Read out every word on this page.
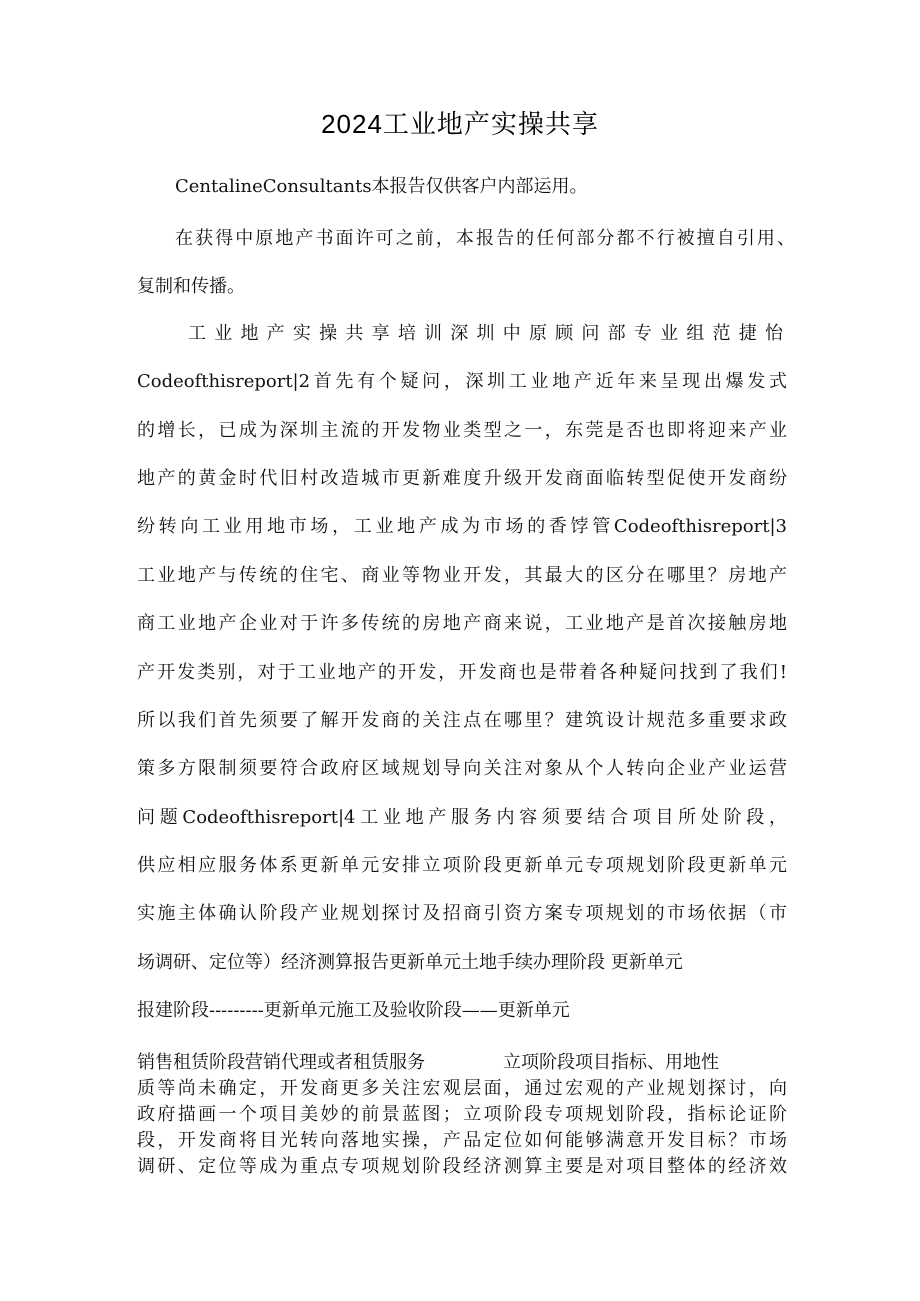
2024工业地产实操共享
CentalineConsultants本报告仅供客户内部运用。
在获得中原地产书面许可之前，本报告的任何部分都不行被擅自引用、
复制和传播。
工业地产实操共享培训深圳中原顾问部专业组范捷怡
Codeofthisreport|2首先有个疑问，深圳工业地产近年来呈现出爆发式
的增长，已成为深圳主流的开发物业类型之一，东莞是否也即将迎来产业
地产的黄金时代旧村改造城市更新难度升级开发商面临转型促使开发商纷
纷转向工业用地市场，工业地产成为市场的香饽管Codeofthisreport|3
工业地产与传统的住宅、商业等物业开发，其最大的区分在哪里？房地产
商工业地产企业对于许多传统的房地产商来说，工业地产是首次接触房地
产开发类别，对于工业地产的开发，开发商也是带着各种疑问找到了我们!
所以我们首先须要了解开发商的关注点在哪里？建筑设计规范多重要求政
策多方限制须要符合政府区域规划导向关注对象从个人转向企业产业运营
问题Codeofthisreport|4工业地产服务内容须要结合项目所处阶段，
供应相应服务体系更新单元安排立项阶段更新单元专项规划阶段更新单元
实施主体确认阶段产业规划探讨及招商引资方案专项规划的市场依据（市
场调研、定位等）经济测算报告更新单元土地手续办理阶段 更新单元
报建阶段---------更新单元施工及验收阶段——更新单元
销售租赁阶段营销代理或者租赁服务	立项阶段项目指标、用地性
质等尚未确定，开发商更多关注宏观层面，通过宏观的产业规划探讨，向
政府描画一个项目美妙的前景蓝图；立项阶段专项规划阶段，指标论证阶
段，开发商将目光转向落地实操，产品定位如何能够满意开发目标？市场
调研、定位等成为重点专项规划阶段经济测算主要是对项目整体的经济效
